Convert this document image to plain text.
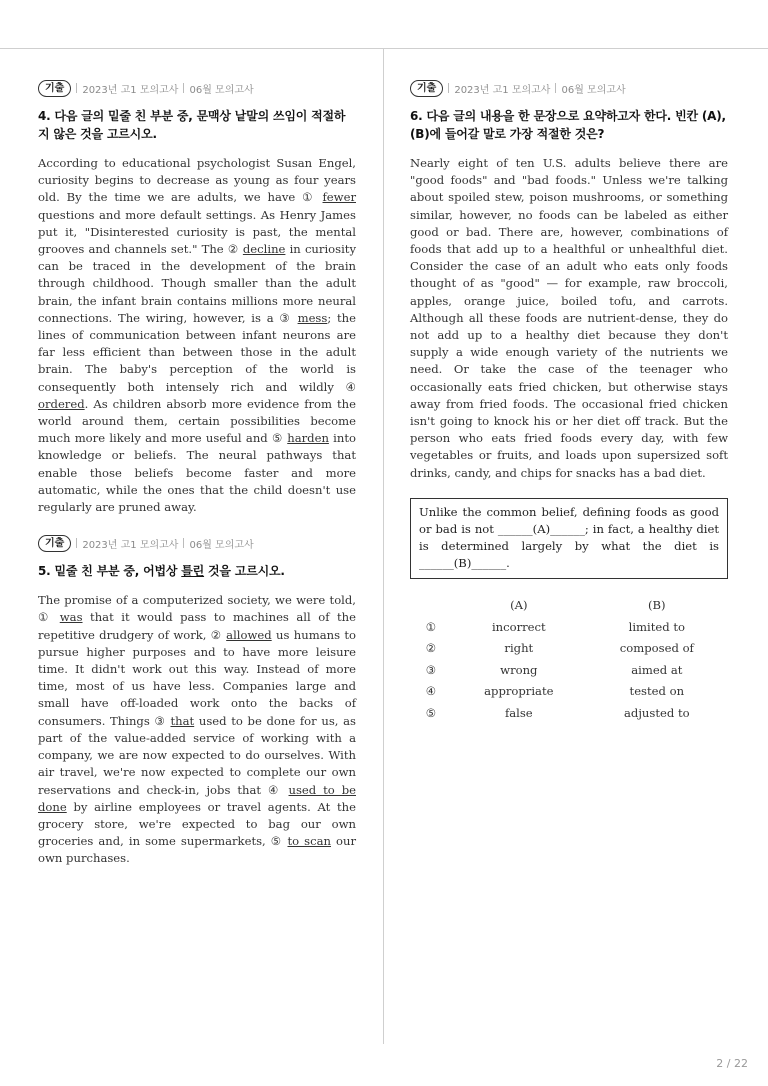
기출	2023년 고1 모의고사 06월 모의고사
4. 다음 글의 밑줄 친 부분 중, 문맥상 낱말의 쓰임이 적절하지 않은 것을 고르시오.
According to educational psychologist Susan Engel, curiosity begins to decrease as young as four years old. By the time we are adults, we have ① fewer questions and more default settings. As Henry James put it, "Disinterested curiosity is past, the mental grooves and channels set." The ② decline in curiosity can be traced in the development of the brain through childhood. Though smaller than the adult brain, the infant brain contains millions more neural connections. The wiring, however, is a ③ mess; the lines of communication between infant neurons are far less efficient than between those in the adult brain. The baby's perception of the world is consequently both intensely rich and wildly ④ ordered. As children absorb more evidence from the world around them, certain possibilities become much more likely and more useful and ⑤ harden into knowledge or beliefs. The neural pathways that enable those beliefs become faster and more automatic, while the ones that the child doesn't use regularly are pruned away.
기출	2023년 고1 모의고사 06월 모의고사
5. 밑줄 친 부분 중, 어법상 틀린 것을 고르시오.
The promise of a computerized society, we were told, ① was that it would pass to machines all of the repetitive drudgery of work, ② allowed us humans to pursue higher purposes and to have more leisure time. It didn't work out this way. Instead of more time, most of us have less. Companies large and small have off-loaded work onto the backs of consumers. Things ③ that used to be done for us, as part of the value-added service of working with a company, we are now expected to do ourselves. With air travel, we're now expected to complete our own reservations and check-in, jobs that ④ used to be done by airline employees or travel agents. At the grocery store, we're expected to bag our own groceries and, in some supermarkets, ⑤ to scan our own purchases.
기출	2023년 고1 모의고사 06월 모의고사
6. 다음 글의 내용을 한 문장으로 요약하고자 한다. 빈칸 (A), (B)에 들어갈 말로 가장 적절한 것은?
Nearly eight of ten U.S. adults believe there are "good foods" and "bad foods." Unless we're talking about spoiled stew, poison mushrooms, or something similar, however, no foods can be labeled as either good or bad. There are, however, combinations of foods that add up to a healthful or unhealthful diet. Consider the case of an adult who eats only foods thought of as "good" — for example, raw broccoli, apples, orange juice, boiled tofu, and carrots. Although all these foods are nutrient-dense, they do not add up to a healthy diet because they don't supply a wide enough variety of the nutrients we need. Or take the case of the teenager who occasionally eats fried chicken, but otherwise stays away from fried foods. The occasional fried chicken isn't going to knock his or her diet off track. But the person who eats fried foods every day, with few vegetables or fruits, and loads upon supersized soft drinks, candy, and chips for snacks has a bad diet.
Unlike the common belief, defining foods as good or bad is not ______(A)______; in fact, a healthy diet is determined largely by what the diet is ______(B)______.
	(A)	(B)
①	incorrect	limited to
②	right	composed of
③	wrong	aimed at
④	appropriate	tested on
⑤	false	adjusted to
2 / 22
